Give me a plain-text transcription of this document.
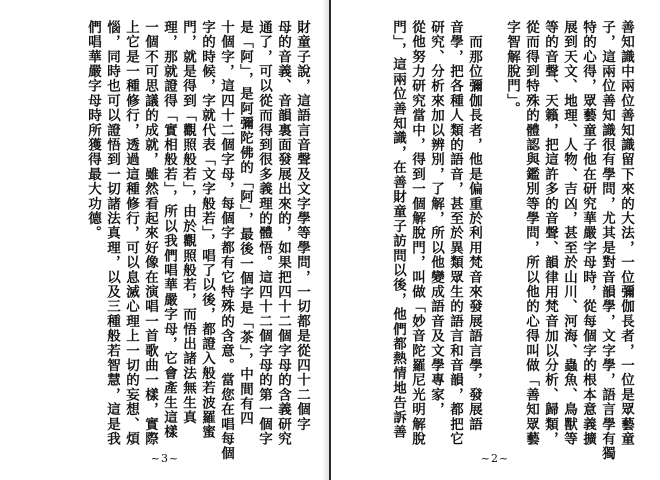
財童子說，這語言音聲及文字學等學問，一切都是從四十二個字
母的音義、音韻裏面發展出來的，如果把四十二個字母的含義研究
通了，可以從而得到很多義理的體悟。這四十二個字母的第一個字
是「阿」，是阿彌陀佛的「阿」，最後一個字是「茶」，中間有四
十個字，這四十二個字母，每個字都有它特殊的含意。當您在唱每個
字的時候，字就代表「文字般若」，唱了以後，都證入般若波羅蜜
門，就是得到「觀照般若」，由於觀照般若，而悟出諸法無生真
理，那就證得「實相般若」，所以我們唱華嚴字母，它會產生這樣
一個不可思議的成就，雖然看起來好像在演唱一首歌曲一樣，實際
上它是一種修行，透過這種修行，可以息滅心理上一切的妄想、煩
惱，同時也可以證悟到一切諸法真理，以及三種般若智慧，這是我
們唱華嚴字母時所獲得最大功德。
~3~
善知識中兩位善知識留下來的大法，一位彌伽長者，一位是眾藝童
子，這兩位善知識很有學問，尤其是對音韻學，文字學，語言學有獨
特的心得，眾藝童子他在研究華嚴字母時，從每個字的根本意義擴
展到天文、地理、人物、吉凶，甚至於山川、河海、蟲魚、鳥獸等
等的音聲、天籟，把這許多的音聲、韻律用梵音加以分析、歸類，
從而得到特殊的體認與鑑別等學問，所以他的心得叫做「善知眾藝
字智解脫門」。
　而那位彌伽長者，他是偏重於利用梵音來發展語言學，發展語
音學，把各種人類的語音，甚至於異類眾生的語言和音韻，都把它
研究、分析來加以辨別，了解，所以他變成語音及文學專家，
從他努力研究當中，得到一個解脫門，叫做「妙音陀羅尼光明解脫
門」，這兩位善知識，在善財童子訪問以後，他們都熱情地告訴善
~2~
